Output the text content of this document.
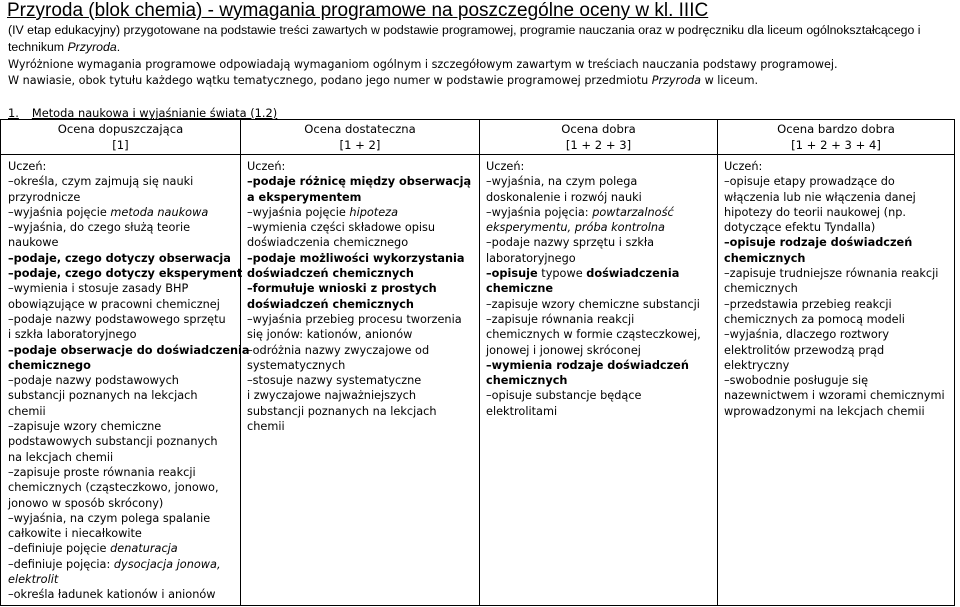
Przyroda (blok chemia) - wymagania programowe na poszczególne oceny w kl. IIIC
(IV etap edukacyjny) przygotowane na podstawie treści zawartych w podstawie programowej, programie nauczania oraz w podręczniku dla liceum ogólnokształcącego i technikum Przyroda.
Wyróżnione wymagania programowe odpowiadają wymaganiom ogólnym i szczegółowym zawartym w treściach nauczania podstawy programowej.
W nawiasie, obok tytułu każdego wątku tematycznego, podano jego numer w podstawie programowej przedmiotu Przyroda w liceum.
1. Metoda naukowa i wyjaśnianie świata (1.2)
Ocena dopuszczająca
[1]
Ocena dostateczna
[1 + 2]
Ocena dobra
[1 + 2 + 3]
Ocena bardzo dobra
[1 + 2 + 3 + 4]
Uczeń:
–określa, czym zajmują się nauki
przyrodnicze
–wyjaśnia pojęcie metoda naukowa
–wyjaśnia, do czego służą teorie
naukowe
–podaje, czego dotyczy obserwacja
–podaje, czego dotyczy eksperyment
–wymienia i stosuje zasady BHP
obowiązujące w pracowni chemicznej
–podaje nazwy podstawowego sprzętu
i szkła laboratoryjnego
–podaje obserwacje do doświadczenia
chemicznego
–podaje nazwy podstawowych
substancji poznanych na lekcjach
chemii
–zapisuje wzory chemiczne
podstawowych substancji poznanych
na lekcjach chemii
–zapisuje proste równania reakcji
chemicznych (cząsteczkowo, jonowo,
jonowo w sposób skrócony)
–wyjaśnia, na czym polega spalanie
całkowite i niecałkowite
–definiuje pojęcie denaturacja
–definiuje pojęcia: dysocjacja jonowa,
elektrolit
–określa ładunek kationów i anionów
Uczeń:
–podaje różnicę między obserwacją
a eksperymentem
–wyjaśnia pojęcie hipoteza
–wymienia części składowe opisu
doświadczenia chemicznego
–podaje możliwości wykorzystania
doświadczeń chemicznych
–formułuje wnioski z prostych
doświadczeń chemicznych
–wyjaśnia przebieg procesu tworzenia
się jonów: kationów, anionów
–odróżnia nazwy zwyczajowe od
systematycznych
–stosuje nazwy systematyczne
i zwyczajowe najważniejszych
substancji poznanych na lekcjach
chemii
Uczeń:
–wyjaśnia, na czym polega
doskonalenie i rozwój nauki
–wyjaśnia pojęcia: powtarzalność
eksperymentu, próba kontrolna
–podaje nazwy sprzętu i szkła
laboratoryjnego
–opisuje typowe doświadczenia
chemiczne
–zapisuje wzory chemiczne substancji
–zapisuje równania reakcji
chemicznych w formie cząsteczkowej,
jonowej i jonowej skróconej
–wymienia rodzaje doświadczeń
chemicznych
–opisuje substancje będące
elektrolitami
Uczeń:
–opisuje etapy prowadzące do
włączenia lub nie włączenia danej
hipotezy do teorii naukowej (np.
dotyczące efektu Tyndalla)
–opisuje rodzaje doświadczeń
chemicznych
–zapisuje trudniejsze równania reakcji
chemicznych
–przedstawia przebieg reakcji
chemicznych za pomocą modeli
–wyjaśnia, dlaczego roztwory
elektrolitów przewodzą prąd
elektryczny
–swobodnie posługuje się
nazewnictwem i wzorami chemicznymi
wprowadzonymi na lekcjach chemii
